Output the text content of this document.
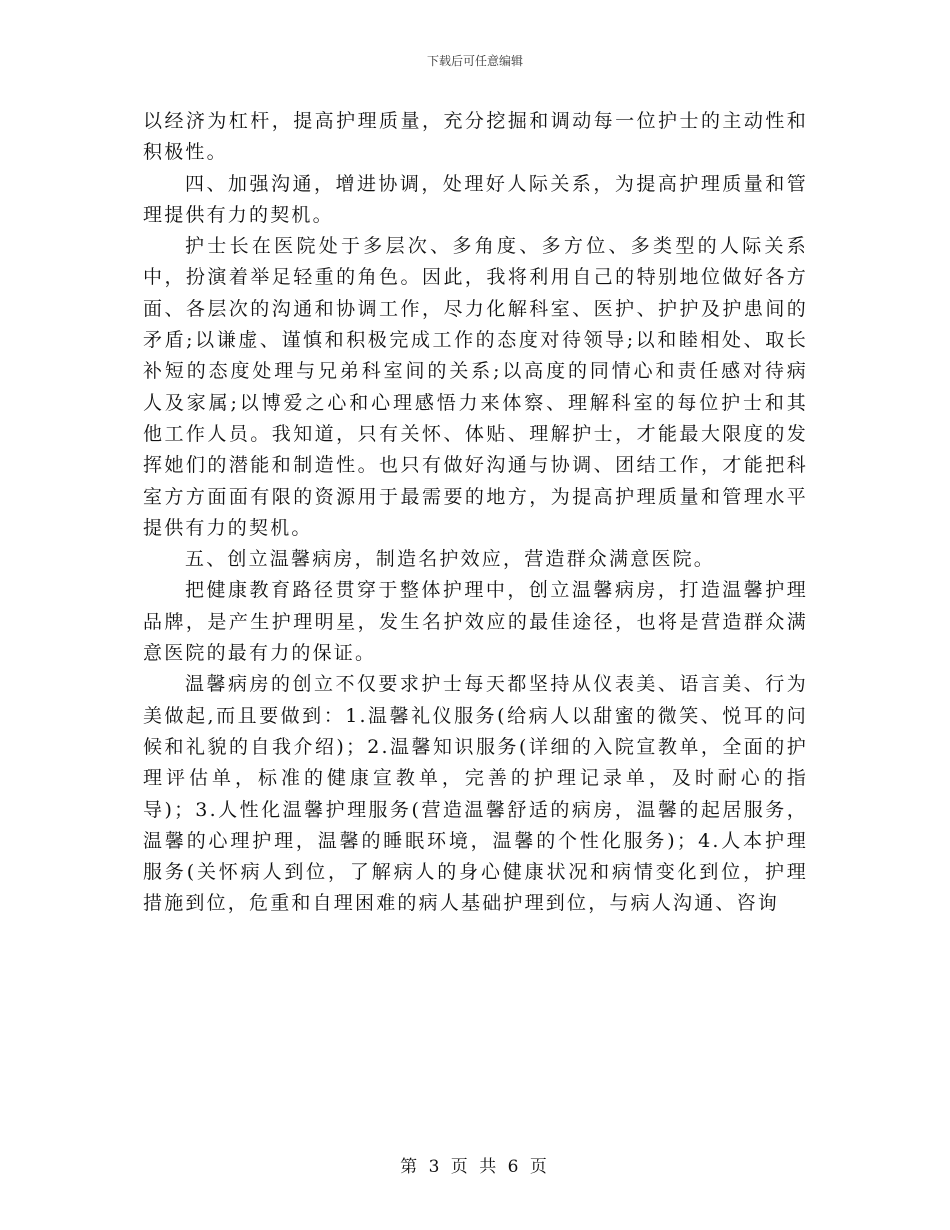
下载后可任意编辑

以经济为杠杆，提高护理质量，充分挖掘和调动每一位护士的主动性和积极性。

四、加强沟通，增进协调，处理好人际关系，为提高护理质量和管理提供有力的契机。

护士长在医院处于多层次、多角度、多方位、多类型的人际关系中，扮演着举足轻重的角色。因此，我将利用自己的特别地位做好各方面、各层次的沟通和协调工作，尽力化解科室、医护、护护及护患间的矛盾;以谦虚、谨慎和积极完成工作的态度对待领导;以和睦相处、取长补短的态度处理与兄弟科室间的关系;以高度的同情心和责任感对待病人及家属;以博爱之心和心理感悟力来体察、理解科室的每位护士和其他工作人员。我知道，只有关怀、体贴、理解护士，才能最大限度的发挥她们的潜能和制造性。也只有做好沟通与协调、团结工作，才能把科室方方面面有限的资源用于最需要的地方，为提高护理质量和管理水平提供有力的契机。

五、创立温馨病房，制造名护效应，营造群众满意医院。

把健康教育路径贯穿于整体护理中，创立温馨病房，打造温馨护理品牌，是产生护理明星，发生名护效应的最佳途径，也将是营造群众满意医院的最有力的保证。

温馨病房的创立不仅要求护士每天都坚持从仪表美、语言美、行为美做起,而且要做到：1.温馨礼仪服务(给病人以甜蜜的微笑、悦耳的问候和礼貌的自我介绍)；2.温馨知识服务(详细的入院宣教单，全面的护理评估单，标准的健康宣教单，完善的护理记录单，及时耐心的指导)；3.人性化温馨护理服务(营造温馨舒适的病房，温馨的起居服务，温馨的心理护理，温馨的睡眠环境，温馨的个性化服务)；4.人本护理服务(关怀病人到位，了解病人的身心健康状况和病情变化到位，护理措施到位，危重和自理困难的病人基础护理到位，与病人沟通、咨询

第 3 页 共 6 页
